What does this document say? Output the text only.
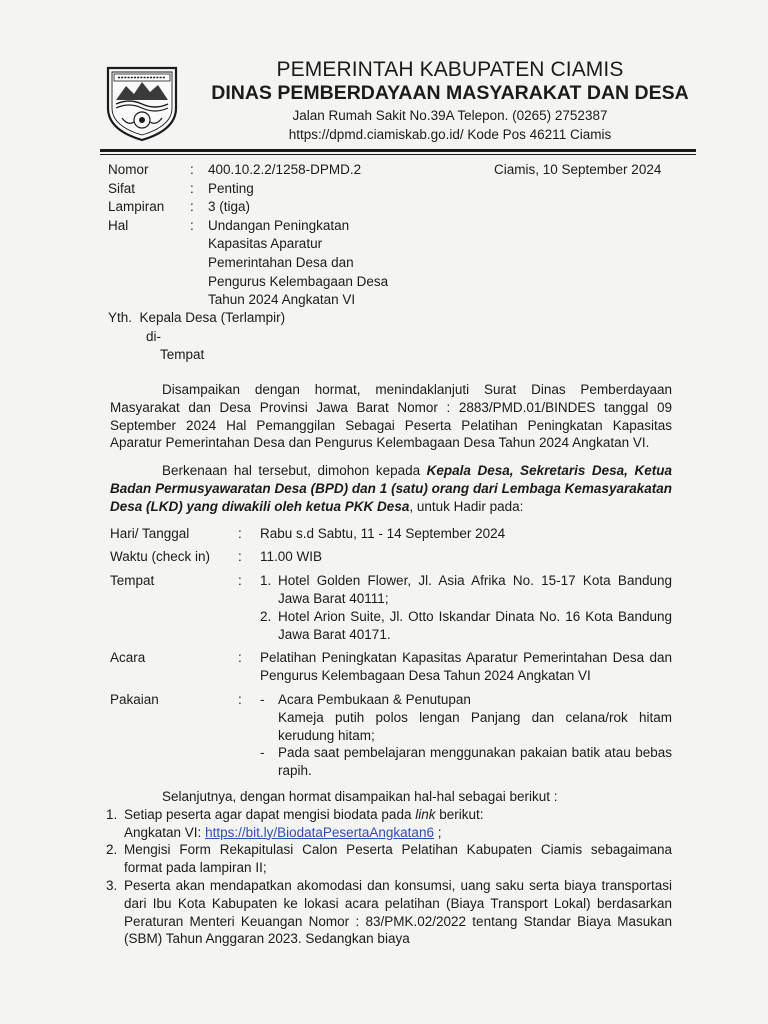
PEMERINTAH KABUPATEN CIAMIS
DINAS PEMBERDAYAAN MASYARAKAT DAN DESA
Jalan Rumah Sakit No.39A Telepon. (0265) 2752387
https://dpmd.ciamiskab.go.id/ Kode Pos 46211 Ciamis
Nomor	:	400.10.2.2/1258-DPMD.2
Sifat	:	Penting
Lampiran	:	3 (tiga)
Hal	:	Undangan Peningkatan
Kapasitas Aparatur
Pemerintahan Desa dan
Pengurus Kelembagaan Desa
Tahun 2024 Angkatan VI
Ciamis, 10 September 2024
Yth.  Kepala Desa (Terlampir)
di-
Tempat

Disampaikan dengan hormat, menindaklanjuti Surat Dinas Pemberdayaan Masyarakat dan Desa Provinsi Jawa Barat Nomor : 2883/PMD.01/BINDES tanggal 09 September 2024 Hal Pemanggilan Sebagai Peserta Pelatihan Peningkatan Kapasitas Aparatur Pemerintahan Desa dan Pengurus Kelembagaan Desa Tahun 2024 Angkatan VI.

Berkenaan hal tersebut, dimohon kepada Kepala Desa, Sekretaris Desa, Ketua Badan Permusyawaratan Desa (BPD) dan 1 (satu) orang dari Lembaga Kemasyarakatan Desa (LKD) yang diwakili oleh ketua PKK Desa, untuk Hadir pada:

Hari/ Tanggal	:	Rabu s.d Sabtu, 11 - 14 September 2024
Waktu (check in)	:	11.00 WIB
Tempat	:	1. Hotel Golden Flower, Jl. Asia Afrika No. 15-17 Kota Bandung Jawa Barat 40111;
2. Hotel Arion Suite, Jl. Otto Iskandar Dinata No. 16 Kota Bandung Jawa Barat 40171.
Acara	:	Pelatihan Peningkatan Kapasitas Aparatur Pemerintahan Desa dan Pengurus Kelembagaan Desa Tahun 2024 Angkatan VI
Pakaian	:	-	Acara Pembukaan & Penutupan
Kameja putih polos lengan Panjang dan celana/rok hitam kerudung hitam;
-	Pada saat pembelajaran menggunakan pakaian batik atau bebas rapih.

Selanjutnya, dengan hormat disampaikan hal-hal sebagai berikut :

1. Setiap peserta agar dapat mengisi biodata pada link berikut:
Angkatan VI: https://bit.ly/BiodataPesertaAngkatan6 ;
2. Mengisi Form Rekapitulasi Calon Peserta Pelatihan Kabupaten Ciamis sebagaimana format pada lampiran II;
3. Peserta akan mendapatkan akomodasi dan konsumsi, uang saku serta biaya transportasi dari Ibu Kota Kabupaten ke lokasi acara pelatihan (Biaya Transport Lokal) berdasarkan Peraturan Menteri Keuangan Nomor : 83/PMK.02/2022 tentang Standar Biaya Masukan (SBM) Tahun Anggaran 2023. Sedangkan biaya
